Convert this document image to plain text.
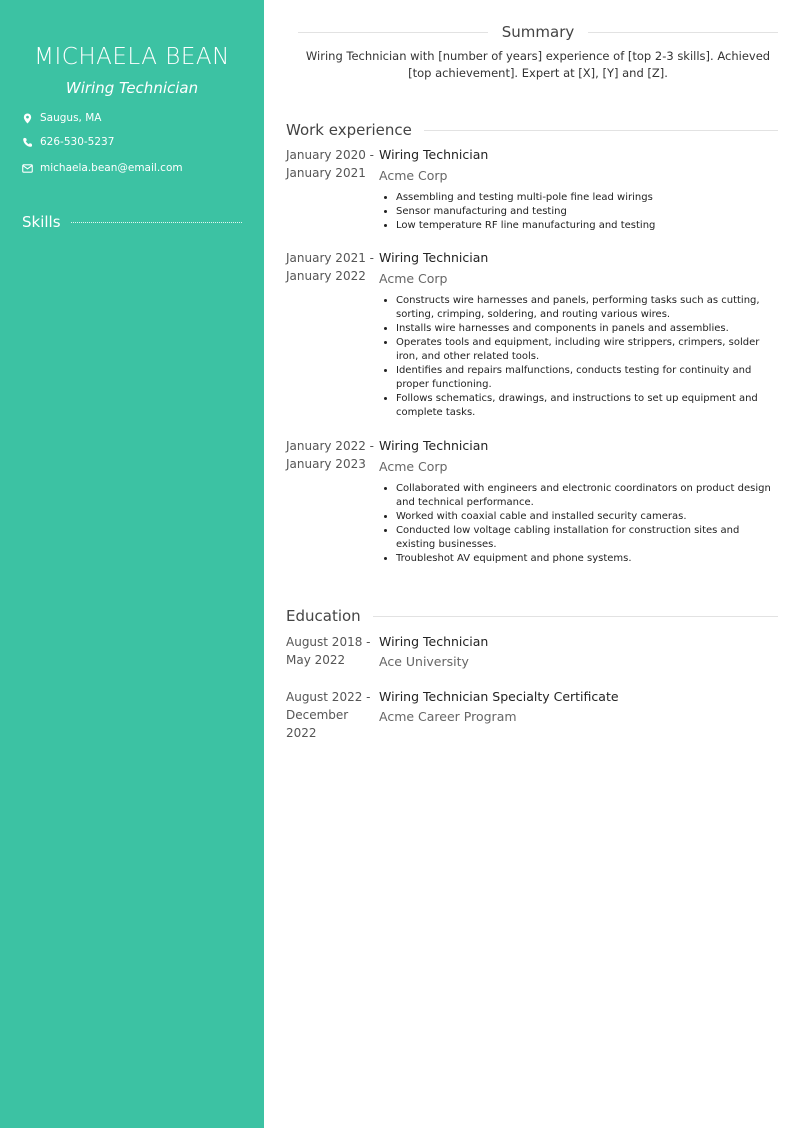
MICHAELA BEAN
Wiring Technician
Saugus, MA
626-530-5237
michaela.bean@email.com
Skills
Summary
Wiring Technician with [number of years] experience of [top 2-3 skills]. Achieved [top achievement]. Expert at [X], [Y] and [Z].
Work experience
January 2020 -
January 2021
Wiring Technician
Acme Corp
• Assembling and testing multi-pole fine lead wirings
• Sensor manufacturing and testing
• Low temperature RF line manufacturing and testing
January 2021 -
January 2022
Wiring Technician
Acme Corp
• Constructs wire harnesses and panels, performing tasks such as cutting, sorting, crimping, soldering, and routing various wires.
• Installs wire harnesses and components in panels and assemblies.
• Operates tools and equipment, including wire strippers, crimpers, solder iron, and other related tools.
• Identifies and repairs malfunctions, conducts testing for continuity and proper functioning.
• Follows schematics, drawings, and instructions to set up equipment and complete tasks.
January 2022 -
January 2023
Wiring Technician
Acme Corp
• Collaborated with engineers and electronic coordinators on product design and technical performance.
• Worked with coaxial cable and installed security cameras.
• Conducted low voltage cabling installation for construction sites and existing businesses.
• Troubleshot AV equipment and phone systems.
Education
August 2018 -
May 2022
Wiring Technician
Ace University
August 2022 -
December 2022
Wiring Technician Specialty Certificate
Acme Career Program
